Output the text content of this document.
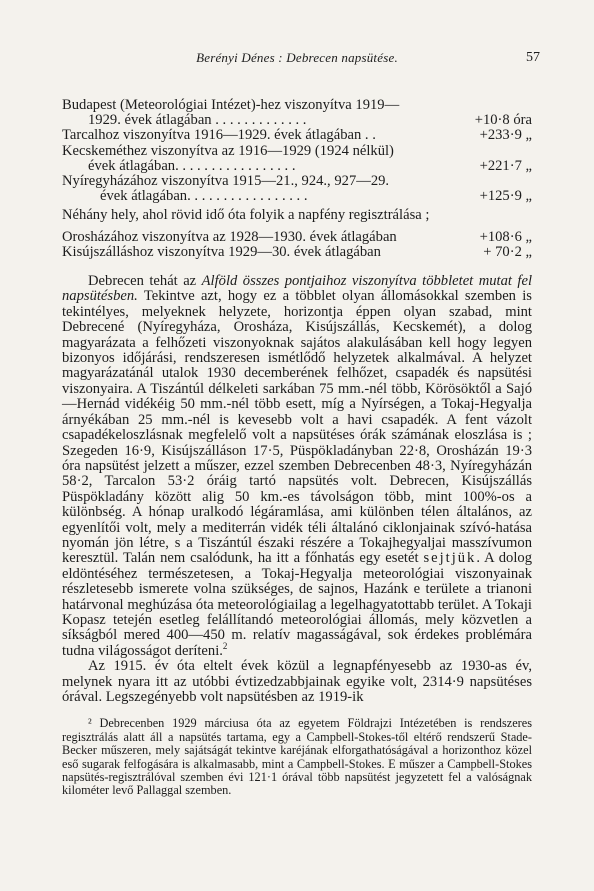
Berényi Dénes : Debrecen napsütése.	57
Budapest (Meteorológiai Intézet)-hez viszonyítva 1919—
1929. évek átlagában . . . . . . . . . . . . .	+10·8 óra
Tarcalhoz viszonyítva 1916—1929. évek átlagában . .	+233·9 „
Kecskeméthez viszonyítva az 1916—1929 (1924 nélkül)
évek átlagában. . . . . . . . . . . . . . . . .	+221·7 „
Nyíregyházához viszonyítva 1915—21., 924., 927—29.
évek átlagában. . . . . . . . . . . . . . . . .	+125·9 „
Néhány hely, ahol rövid idő óta folyik a napfény regisztrálása ;
Orosházához viszonyítva az 1928—1930. évek átlagában	+108·6 „
Kisújszálláshoz viszonyítva 1929—30. évek átlagában	+ 70·2 „

Debrecen tehát az Alföld összes pontjaihoz viszonyítva többletet mutat fel napsütésben. Tekintve azt, hogy ez a többlet olyan állomásokkal szemben is tekintélyes, melyeknek helyzete, horizontja éppen olyan szabad, mint Debrecené (Nyíregyháza, Orosháza, Kisújszállás, Kecskemét), a dolog magyarázata a felhőzeti viszonyoknak sajátos alakulásában kell hogy legyen bizonyos időjárási, rendszeresen ismétlődő helyzetek alkalmával. A helyzet magyarázatánál utalok 1930 decemberének felhőzet, csapadék és napsütési viszonyaira. A Tiszántúl délkeleti sarkában 75 mm.-nél több, Körösöktől a Sajó—Hernád vidékéig 50 mm.-nél több esett, míg a Nyírségen, a Tokaj-Hegyalja árnyékában 25 mm.-nél is kevesebb volt a havi csapadék. A fent vázolt csapadékeloszlásnak megfelelő volt a napsütéses órák számának eloszlása is ; Szegeden 16·9, Kisújszálláson 17·5, Püspökladányban 22·8, Orosházán 19·3 óra napsütést jelzett a műszer, ezzel szemben Debrecenben 48·3, Nyíregyházán 58·2, Tarcalon 53·2 óráig tartó napsütés volt. Debrecen, Kisújszállás Püspökladány között alig 50 km.-es távolságon több, mint 100%-os a különbség. A hónap uralkodó légáramlása, ami különben télen általános, az egyenlítői volt, mely a mediterrán vidék téli általánó ciklonjainak szívó-hatása nyomán jön létre, s a Tiszántúl északi részére a Tokajhegyaljai masszívumon keresztül. Talán nem csalódunk, ha itt a főnhatás egy esetét sejtjük. A dolog eldöntéséhez természetesen, a Tokaj-Hegyalja meteorológiai viszonyainak részletesebb ismerete volna szükséges, de sajnos, Hazánk e területe a trianoni határvonal meghúzása óta meteorológiailag a legelhagyatottabb terület. A Tokaji Kopasz tetején esetleg felállítandó meteorológiai állomás, mely közvetlen a síkságból mered 400—450 m. relatív magasságával, sok érdekes problémára tudna világosságot deríteni.$^2$

Az 1915. év óta eltelt évek közül a legnapfényesebb az 1930-as év, melynek nyara itt az utóbbi évtizedzabbjainak egyike volt, 2314·9 napsütéses órával. Legszegényebb volt napsütésben az 1919-ik

² Debrecenben 1929 márciusa óta az egyetem Földrajzi Intézetében is rendszeres regisztrálás alatt áll a napsütés tartama, egy a Campbell-Stokes-től eltérő rendszerű Stade-Becker műszeren, mely sajátságát tekintve karéjának elforgathatóságával a horizonthoz közel eső sugarak felfogására is alkalmasabb, mint a Campbell-Stokes. E műszer a Campbell-Stokes napsütés-regisztrálóval szemben évi 121·1 órával több napsütést jegyzetett fel a valóságnak kilométer levő Pallaggal szemben.
